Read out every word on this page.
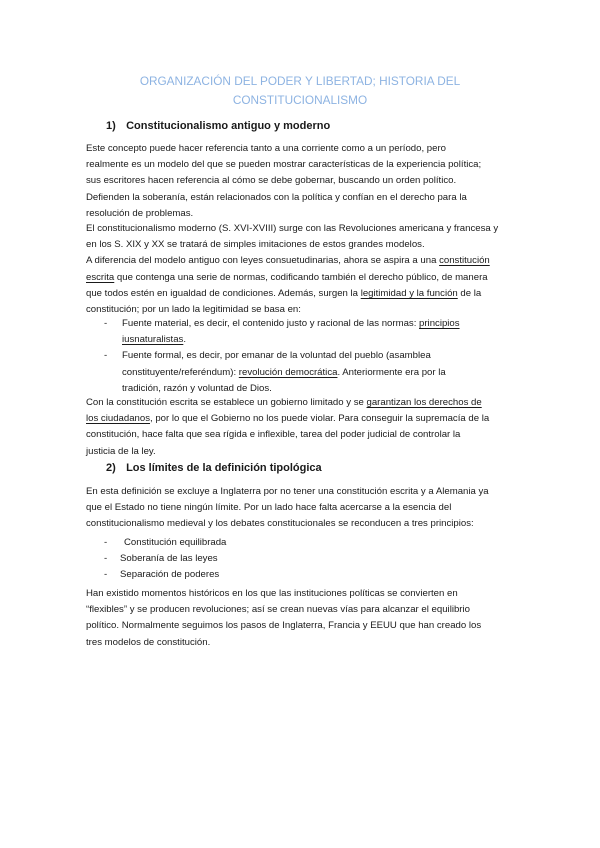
ORGANIZACIÓN DEL PODER Y LIBERTAD; HISTORIA DEL
CONSTITUCIONALISMO
1) Constitucionalismo antiguo y moderno

Este concepto puede hacer referencia tanto a una corriente como a un período, pero
realmente es un modelo del que se pueden mostrar características de la experiencia política;
sus escritores hacen referencia al cómo se debe gobernar, buscando un orden político.
Defienden la soberanía, están relacionados con la política y confían en el derecho para la
resolución de problemas.

El constitucionalismo moderno (S. XVI-XVIII) surge con las Revoluciones americana y francesa y
en los S. XIX y XX se tratará de simples imitaciones de estos grandes modelos.
A diferencia del modelo antiguo con leyes consuetudinarias, ahora se aspira a una constitución
escrita que contenga una serie de normas, codificando también el derecho público, de manera
que todos estén en igualdad de condiciones. Además, surgen la legitimidad y la función de la
constitución; por un lado la legitimidad se basa en:

- Fuente material, es decir, el contenido justo y racional de las normas: principios
iusnaturalistas.
- Fuente formal, es decir, por emanar de la voluntad del pueblo (asamblea
constituyente/referéndum): revolución democrática. Anteriormente era por la
tradición, razón y voluntad de Dios.

Con la constitución escrita se establece un gobierno limitado y se garantizan los derechos de
los ciudadanos, por lo que el Gobierno no los puede violar. Para conseguir la supremacía de la
constitución, hace falta que sea rígida e inflexible, tarea del poder judicial de controlar la
justicia de la ley.

2) Los límites de la definición tipológica

En esta definición se excluye a Inglaterra por no tener una constitución escrita y a Alemania ya
que el Estado no tiene ningún límite. Por un lado hace falta acercarse a la esencia del
constitucionalismo medieval y los debates constitucionales se reconducen a tres principios:

- Constitución equilibrada
- Soberanía de las leyes
- Separación de poderes

Han existido momentos históricos en los que las instituciones políticas se convierten en
“flexibles” y se producen revoluciones; así se crean nuevas vías para alcanzar el equilibrio
político. Normalmente seguimos los pasos de Inglaterra, Francia y EEUU que han creado los
tres modelos de constitución.
